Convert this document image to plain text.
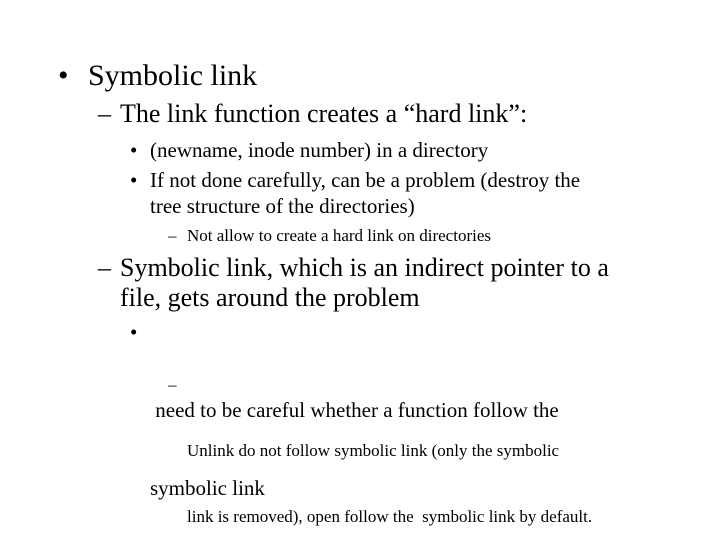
• Symbolic link
– The link function creates a “hard link”:
• (newname, inode number) in a directory
• If not done carefully, can be a problem (destroy the
tree structure of the directories)
– Not allow to create a hard link on directories
– Symbolic link, which is an indirect pointer to a
file, gets around the problem

•

need to be careful whether a function follow the

symbolic link

–

Unlink do not follow symbolic link (only the symbolic

link is removed), open follow the  symbolic link by default.
